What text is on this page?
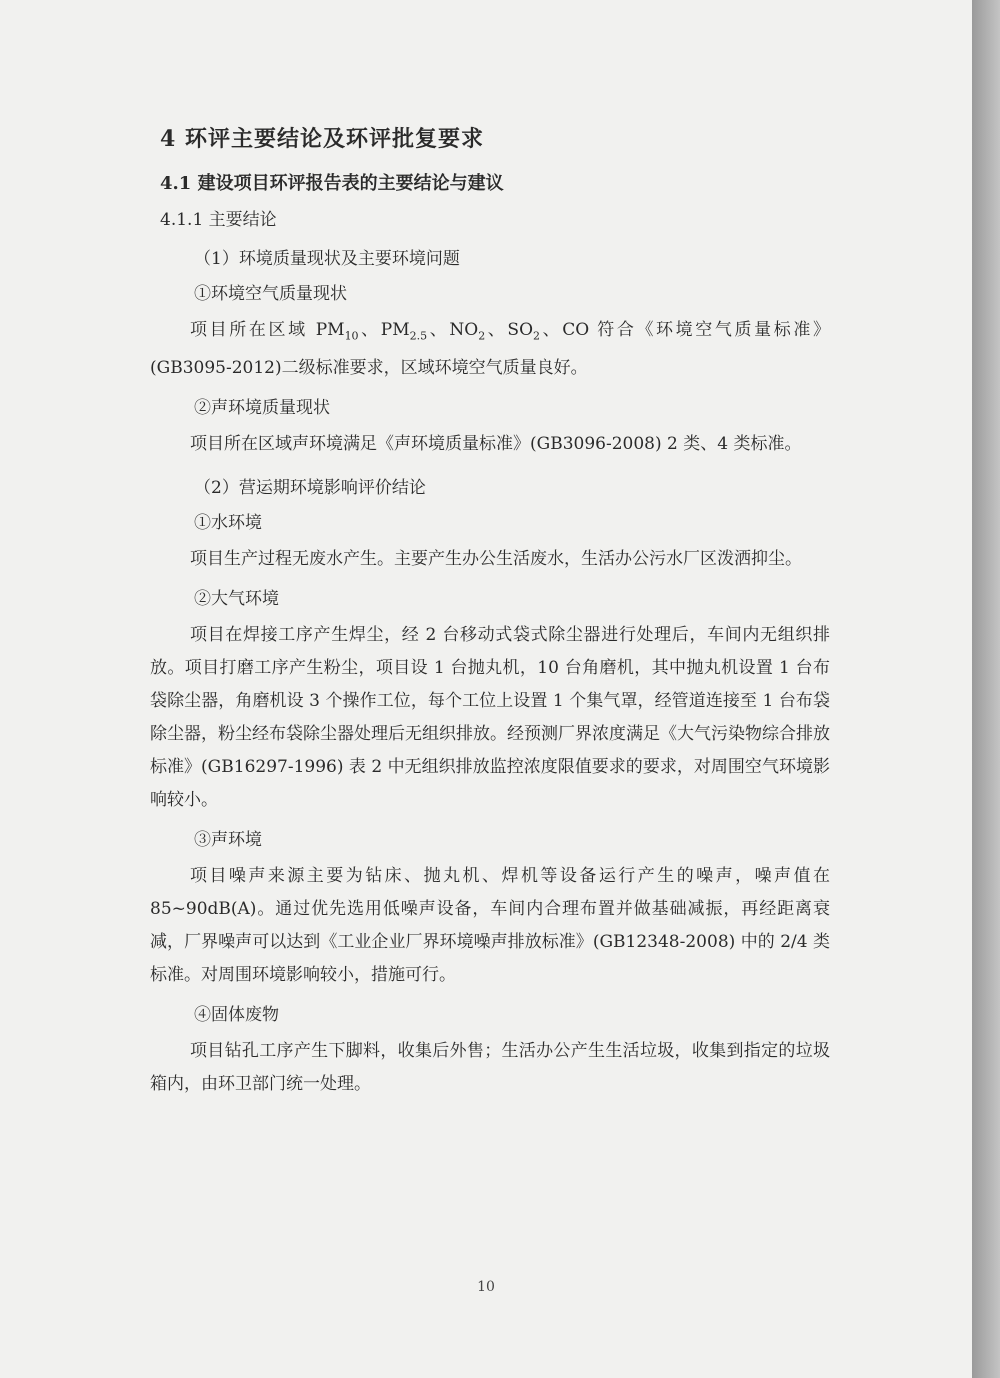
4 环评主要结论及环评批复要求
4.1 建设项目环评报告表的主要结论与建议
4.1.1 主要结论
（1）环境质量现状及主要环境问题
①环境空气质量现状

项目所在区域 $PM_{10}$、$PM_{2.5}$、$NO_2$、$SO_2$、CO 符合《环境空气质量标准》(GB3095-2012)二级标准要求，区域环境空气质量良好。

②声环境质量现状

项目所在区域声环境满足《声环境质量标准》(GB3096-2008) 2 类、4 类标准。

（2）营运期环境影响评价结论
①水环境

项目生产过程无废水产生。主要产生办公生活废水，生活办公污水厂区泼洒抑尘。

②大气环境

项目在焊接工序产生焊尘，经 2 台移动式袋式除尘器进行处理后，车间内无组织排放。项目打磨工序产生粉尘，项目设 1 台抛丸机，10 台角磨机，其中抛丸机设置 1 台布袋除尘器，角磨机设 3 个操作工位，每个工位上设置 1 个集气罩，经管道连接至 1 台布袋除尘器，粉尘经布袋除尘器处理后无组织排放。经预测厂界浓度满足《大气污染物综合排放标准》(GB16297-1996) 表 2 中无组织排放监控浓度限值要求的要求，对周围空气环境影响较小。

③声环境

项目噪声来源主要为钻床、抛丸机、焊机等设备运行产生的噪声，噪声值在 85~90dB(A)。通过优先选用低噪声设备，车间内合理布置并做基础减振，再经距离衰减，厂界噪声可以达到《工业企业厂界环境噪声排放标准》(GB12348-2008) 中的 2/4 类标准。对周围环境影响较小，措施可行。

④固体废物

项目钻孔工序产生下脚料，收集后外售；生活办公产生生活垃圾，收集到指定的垃圾箱内，由环卫部门统一处理。

10
